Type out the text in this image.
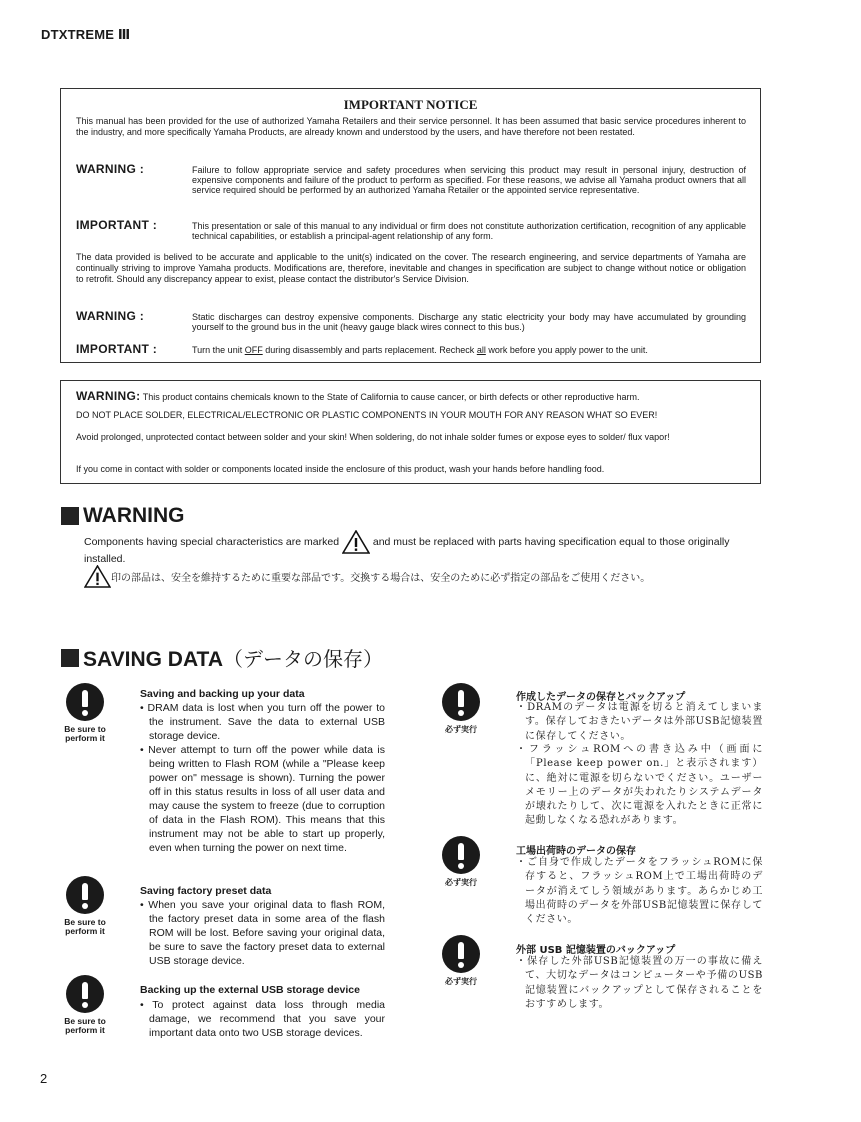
DTXTREME Ⅲ
IMPORTANT NOTICE
This manual has been provided for the use of authorized Yamaha Retailers and their service personnel. It has been assumed that basic service procedures inherent to the industry, and more specifically Yamaha Products, are already known and understood by the users, and have therefore not been restated.
WARNING :	Failure to follow appropriate service and safety procedures when servicing this product may result in personal injury, destruction of expensive components and failure of the product to perform as specified. For these reasons, we advise all Yamaha product owners that all service required should be performed by an authorized Yamaha Retailer or the appointed service representative.
IMPORTANT :	This presentation or sale of this manual to any individual or firm does not constitute authorization certification, recognition of any applicable technical capabilities, or establish a principal-agent relationship of any form.
The data provided is belived to be accurate and applicable to the unit(s) indicated on the cover. The research engineering, and service departments of Yamaha are continually striving to improve Yamaha products. Modifications are, therefore, inevitable and changes in specification are subject to change without notice or obligation to retrofit. Should any discrepancy appear to exist, please contact the distributor's Service Division.
WARNING :	Static discharges can destroy expensive components. Discharge any static electricity your body may have accumulated by grounding yourself to the ground bus in the unit (heavy gauge black wires connect to this bus.)
IMPORTANT :	Turn the unit OFF during disassembly and parts replacement. Recheck all work before you apply power to the unit.
WARNING: This product contains chemicals known to the State of California to cause cancer, or birth defects or other reproductive harm.
DO NOT PLACE SOLDER, ELECTRICAL/ELECTRONIC OR PLASTIC COMPONENTS IN YOUR MOUTH FOR ANY REASON WHAT SO EVER!
Avoid prolonged, unprotected contact between solder and your skin! When soldering, do not inhale solder fumes or expose eyes to solder/ flux vapor!
If you come in contact with solder or components located inside the enclosure of this product, wash your hands before handling food.
WARNING
Components having special characteristics are marked	and must be replaced with parts having specification equal to those originally installed.
印の部品は、安全を維持するために重要な部品です。交換する場合は、安全のために必ず指定の部品をご使用ください。
SAVING DATA（データの保存）
Be sure to perform it
Be sure to perform it
Be sure to perform it
Saving and backing up your data
• DRAM data is lost when you turn off the power to the instrument. Save the data to external USB storage device.
• Never attempt to turn off the power while data is being written to Flash ROM (while a "Please keep power on" message is shown). Turning the power off in this status results in loss of all user data and may cause the system to freeze (due to corruption of data in the Flash ROM). This means that this instrument may not be able to start up properly, even when turning the power on next time.
Saving factory preset data
• When you save your original data to flash ROM, the factory preset data in some area of the flash ROM will be lost. Before saving your original data, be sure to save the factory preset data to external USB storage device.
Backing up the external USB storage device
• To protect against data loss through media damage, we recommend that you save your important data onto two USB storage devices.
必ず実行
必ず実行
必ず実行
作成したデータの保存とバックアップ
・DRAMのデータは電源を切ると消えてしまいます。保存しておきたいデータは外部USB記憶装置に保存してください。
・フラッシュROMへの書き込み中（画面に「Please keep power on.」と表示されます）に、絶対に電源を切らないでください。ユーザーメモリー上のデータが失われたりシステムデータが壊れたりして、次に電源を入れたときに正常に起動しなくなる恐れがあります。
工場出荷時のデータの保存
・ご自身で作成したデータをフラッシュROMに保存すると、フラッシュROM上で工場出荷時のデータが消えてしう領域があります。あらかじめ工場出荷時のデータを外部USB記憶装置に保存してください。
外部 USB 記憶装置のバックアップ
・保存した外部USB記憶装置の万一の事故に備えて、大切なデータはコンピューターや予備のUSB記憶装置にバックアップとして保存されることをおすすめします。
2
